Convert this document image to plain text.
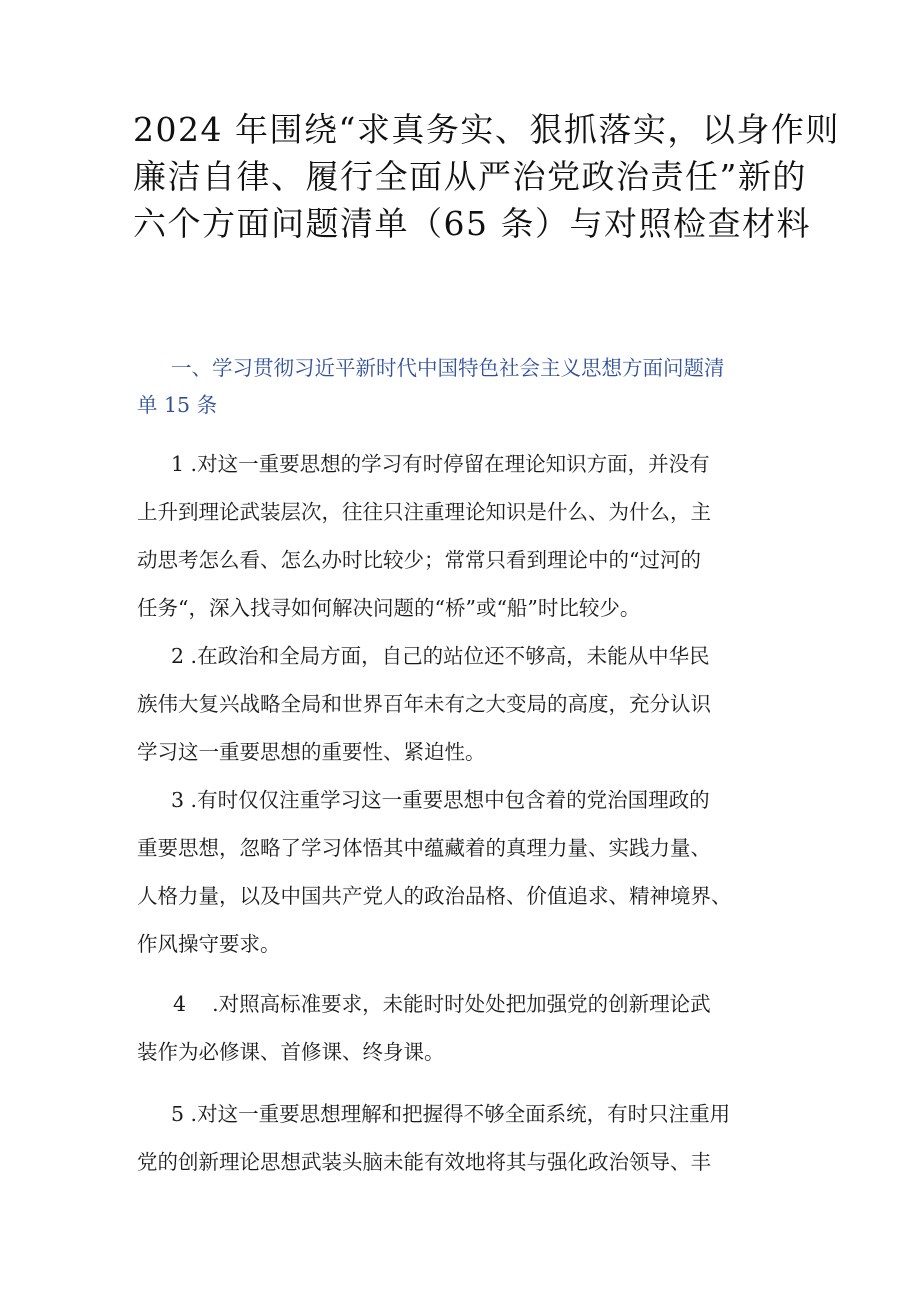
2024 年围绕“求真务实、狠抓落实，以身作则
廉洁自律、履行全面从严治党政治责任”新的
六个方面问题清单（65 条）与对照检查材料
一、学习贯彻习近平新时代中国特色社会主义思想方面问题清
单 15 条

1 .对这一重要思想的学习有时停留在理论知识方面，并没有
上升到理论武装层次，往往只注重理论知识是什么、为什么，主
动思考怎么看、怎么办时比较少；常常只看到理论中的“过河的
任务“，深入找寻如何解决问题的“桥”或“船”时比较少。

2 .在政治和全局方面，自己的站位还不够高，未能从中华民
族伟大复兴战略全局和世界百年未有之大变局的高度，充分认识
学习这一重要思想的重要性、紧迫性。

3 .有时仅仅注重学习这一重要思想中包含着的党治国理政的
重要思想，忽略了学习体悟其中蕴藏着的真理力量、实践力量、
人格力量，以及中国共产党人的政治品格、价值追求、精神境界、
作风操守要求。

4    .对照高标准要求，未能时时处处把加强党的创新理论武
装作为必修课、首修课、终身课。

5 .对这一重要思想理解和把握得不够全面系统，有时只注重用
党的创新理论思想武装头脑未能有效地将其与强化政治领导、丰
